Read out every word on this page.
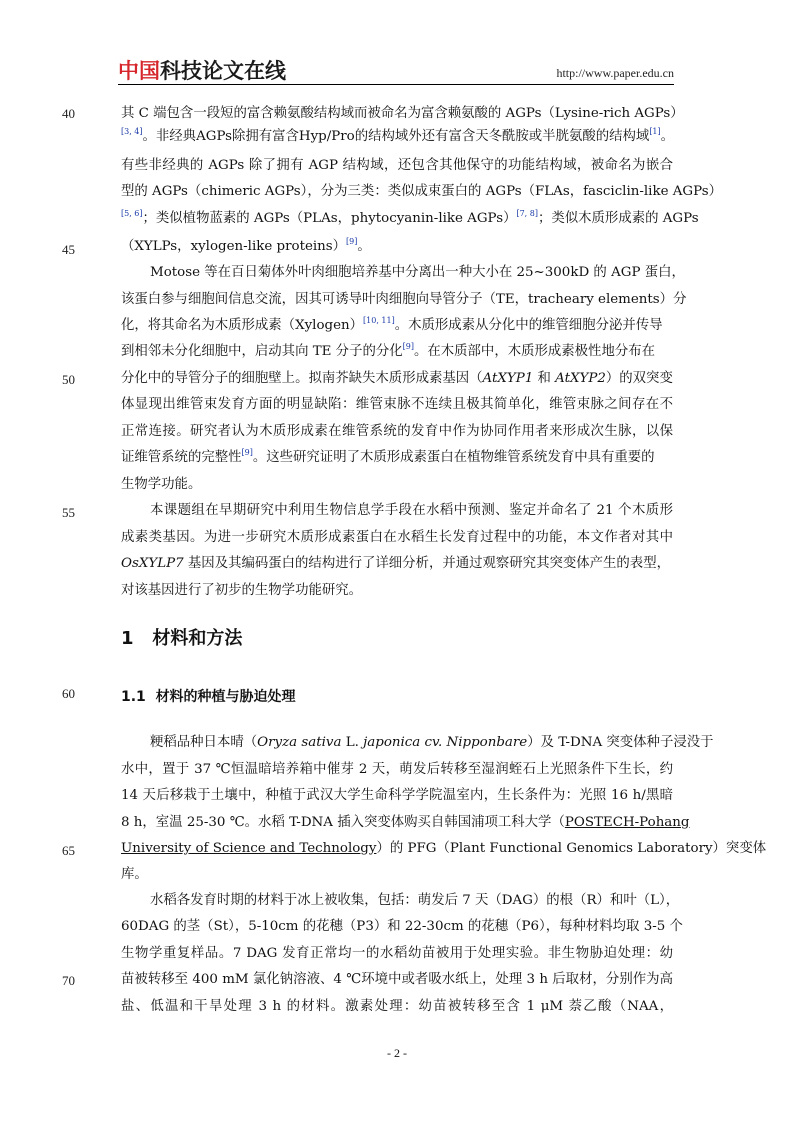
中国科技论文在线	http://www.paper.edu.cn
40
45
50
55
60
65
70
其 C 端包含一段短的富含赖氨酸结构域而被命名为富含赖氨酸的 AGPs（Lysine-rich AGPs）
[3, 4]。非经典AGPs除拥有富含Hyp/Pro的结构域外还有富含天冬酰胺或半胱氨酸的结构域[1]。
有些非经典的 AGPs 除了拥有 AGP 结构域，还包含其他保守的功能结构域，被命名为嵌合
型的 AGPs（chimeric AGPs），分为三类：类似成束蛋白的 AGPs（FLAs，fasciclin-like AGPs）
[5, 6]；类似植物蓝素的 AGPs（PLAs，phytocyanin-like AGPs）[7, 8]；类似木质形成素的 AGPs
（XYLPs，xylogen-like proteins）[9]。
Motose 等在百日菊体外叶肉细胞培养基中分离出一种大小在 25~300kD 的 AGP 蛋白，
该蛋白参与细胞间信息交流，因其可诱导叶肉细胞向导管分子（TE，tracheary elements）分
化，将其命名为木质形成素（Xylogen）[10, 11]。木质形成素从分化中的维管细胞分泌并传导
到相邻未分化细胞中，启动其向 TE 分子的分化[9]。在木质部中，木质形成素极性地分布在
分化中的导管分子的细胞壁上。拟南芥缺失木质形成素基因（AtXYP1 和 AtXYP2）的双突变
体显现出维管束发育方面的明显缺陷：维管束脉不连续且极其简单化，维管束脉之间存在不
正常连接。研究者认为木质形成素在维管系统的发育中作为协同作用者来形成次生脉，以保
证维管系统的完整性[9]。这些研究证明了木质形成素蛋白在植物维管系统发育中具有重要的
生物学功能。
本课题组在早期研究中利用生物信息学手段在水稻中预测、鉴定并命名了 21 个木质形
成素类基因。为进一步研究木质形成素蛋白在水稻生长发育过程中的功能，本文作者对其中
OsXYLP7 基因及其编码蛋白的结构进行了详细分析，并通过观察研究其突变体产生的表型，
对该基因进行了初步的生物学功能研究。
1 材料和方法
1.1 材料的种植与胁迫处理
粳稻品种日本晴（Oryza sativa L. japonica cv. Nipponbare）及 T-DNA 突变体种子浸没于
水中，置于 37 ℃恒温暗培养箱中催芽 2 天，萌发后转移至湿润蛭石上光照条件下生长，约
14 天后移栽于土壤中，种植于武汉大学生命科学学院温室内，生长条件为：光照 16 h/黑暗
8 h，室温 25-30 ℃。水稻 T-DNA 插入突变体购买自韩国浦项工科大学（POSTECH-Pohang
University of Science and Technology）的 PFG（Plant Functional Genomics Laboratory）突变体
库。
水稻各发育时期的材料于冰上被收集，包括：萌发后 7 天（DAG）的根（R）和叶（L），
60DAG 的茎（St），5-10cm 的花穗（P3）和 22-30cm 的花穗（P6），每种材料均取 3-5 个
生物学重复样品。7 DAG 发育正常均一的水稻幼苗被用于处理实验。非生物胁迫处理：幼
苗被转移至 400 mM 氯化钠溶液、4 ℃环境中或者吸水纸上，处理 3 h 后取材，分别作为高
盐、低温和干旱处理 3 h 的材料。激素处理：幼苗被转移至含 1 μM 萘乙酸（NAA，
- 2 -
